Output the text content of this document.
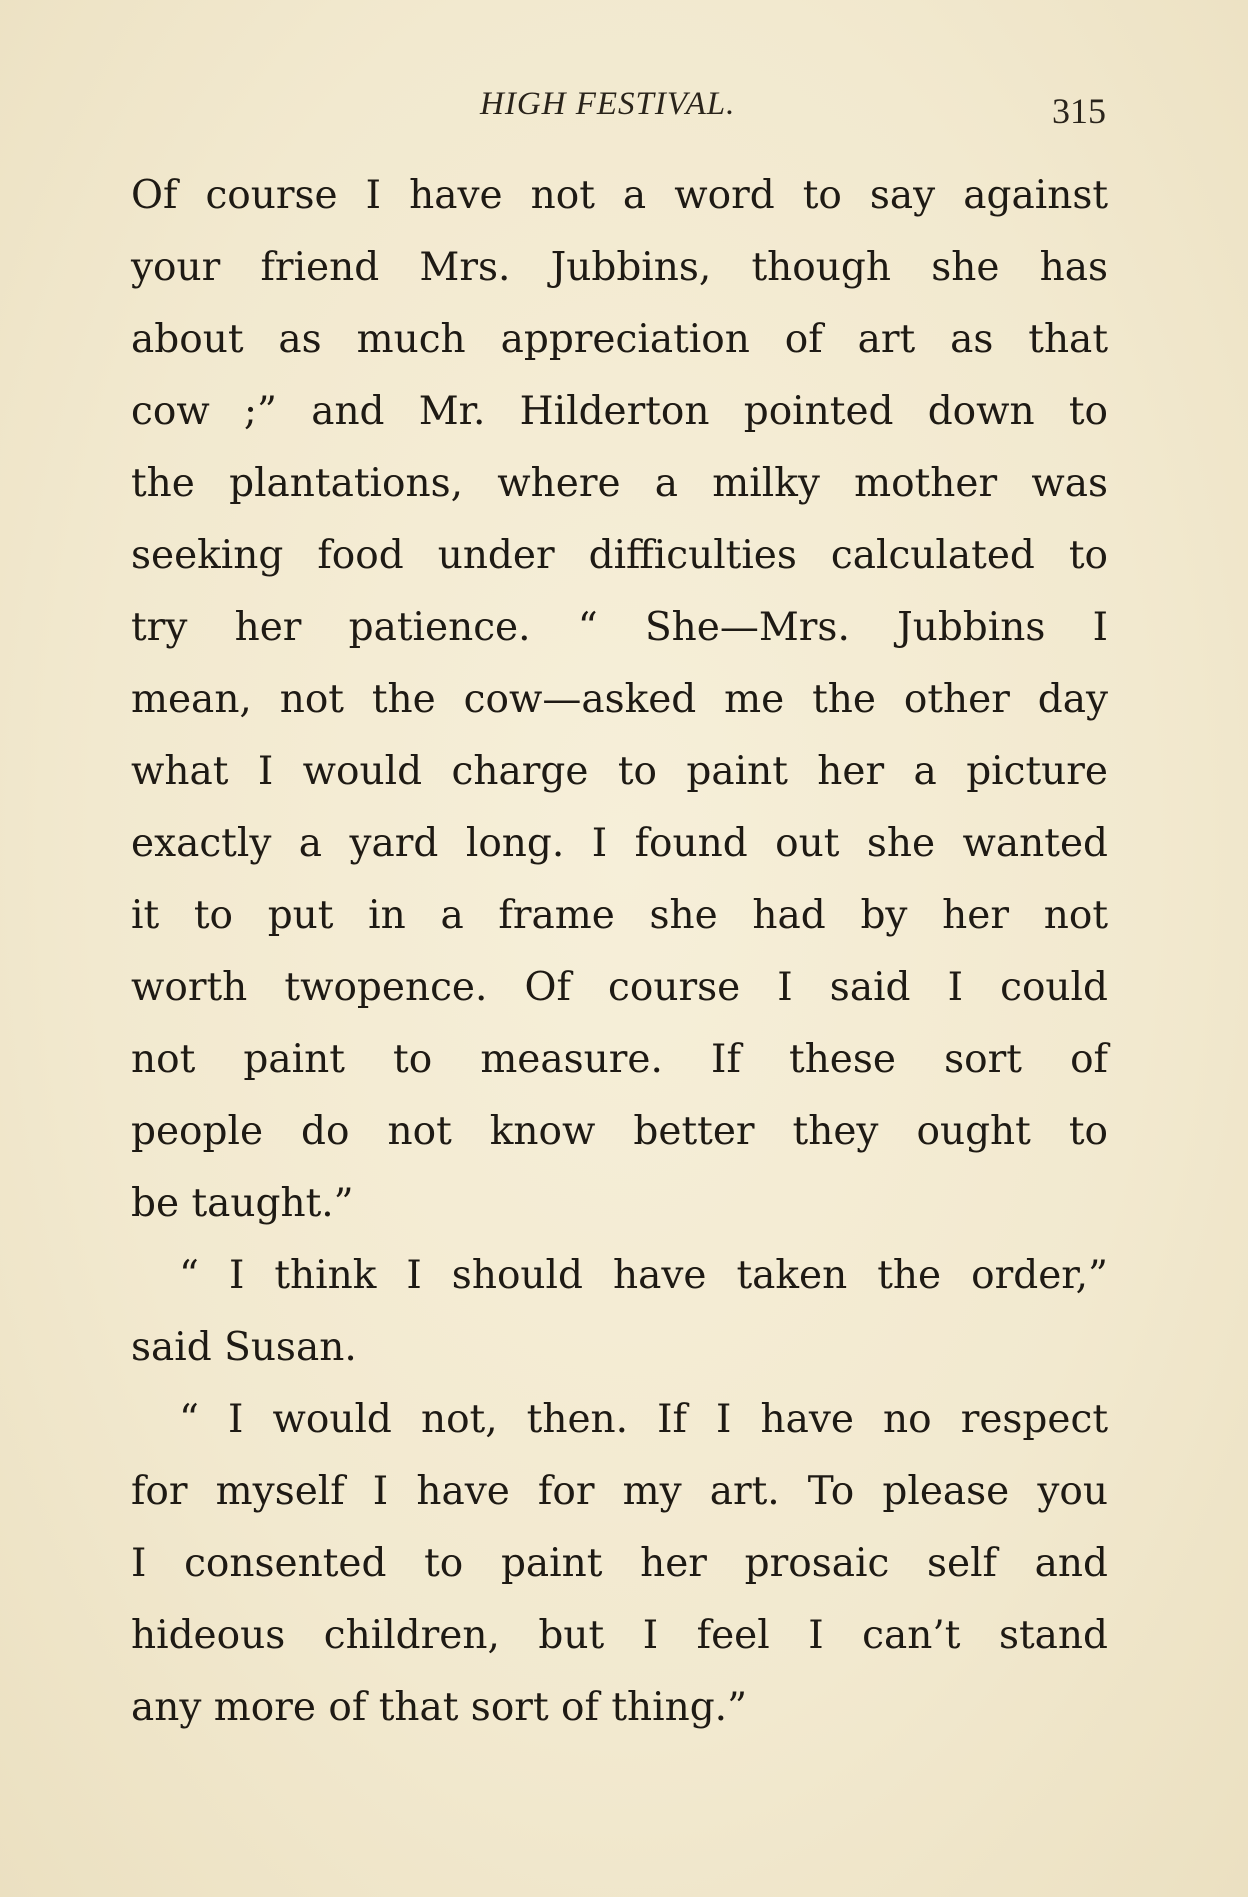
HIGH FESTIVAL.	315
Of course I have not a word to say against
your friend Mrs. Jubbins, though she has
about as much appreciation of art as that
cow ;” and Mr. Hilderton pointed down to
the plantations, where a milky mother was
seeking food under difficulties calculated to
try her patience. “ She—Mrs. Jubbins I
mean, not the cow—asked me the other day
what I would charge to paint her a picture
exactly a yard long. I found out she wanted
it to put in a frame she had by her not
worth twopence. Of course I said I could
not paint to measure. If these sort of
people do not know better they ought to
be taught.”
“ I think I should have taken the order,”
said Susan.
“ I would not, then. If I have no respect
for myself I have for my art. To please you
I consented to paint her prosaic self and
hideous children, but I feel I can’t stand
any more of that sort of thing.”
